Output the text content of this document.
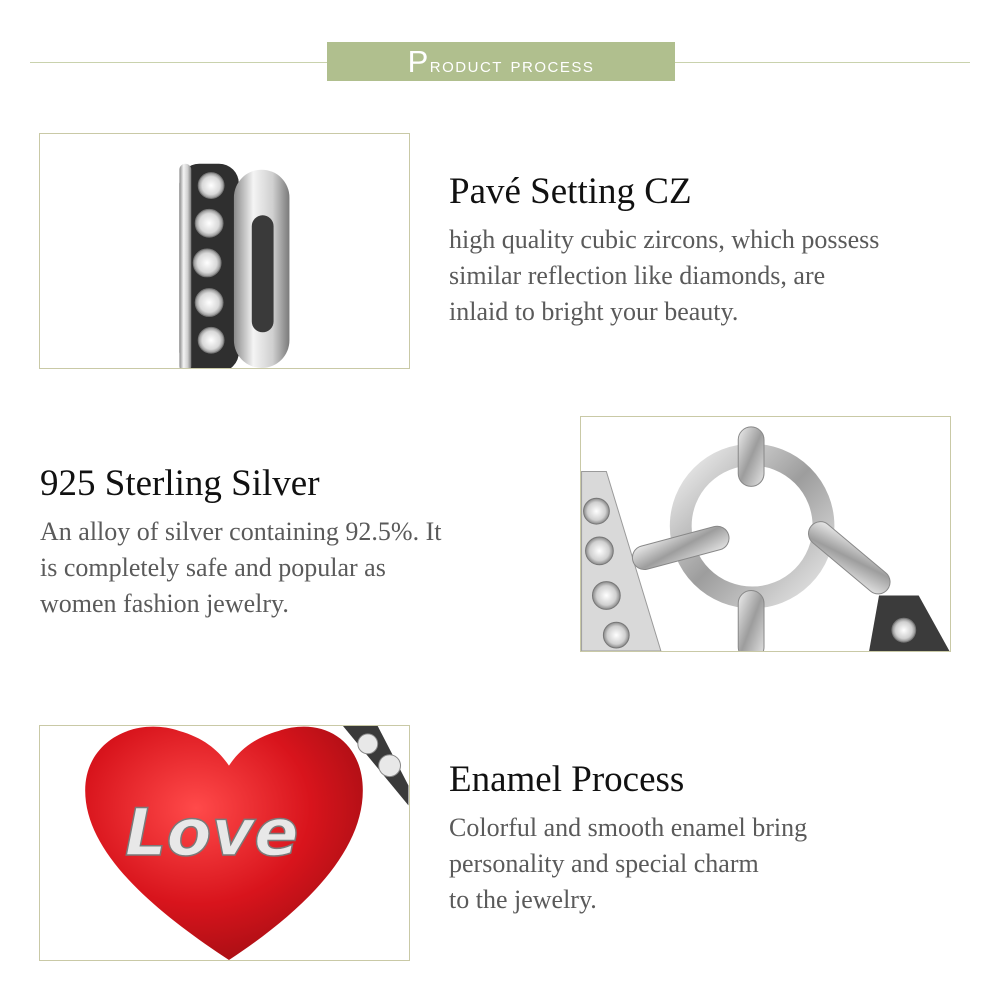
Product process
Pavé Setting CZ
high quality cubic zircons, which possess
similar reflection like diamonds, are
inlaid to bright your beauty.
925 Sterling Silver
An alloy of silver containing 92.5%. It
is completely safe and popular as
women fashion jewelry.
Love
Enamel Process
Colorful and smooth enamel bring
personality and special charm
to the jewelry.
